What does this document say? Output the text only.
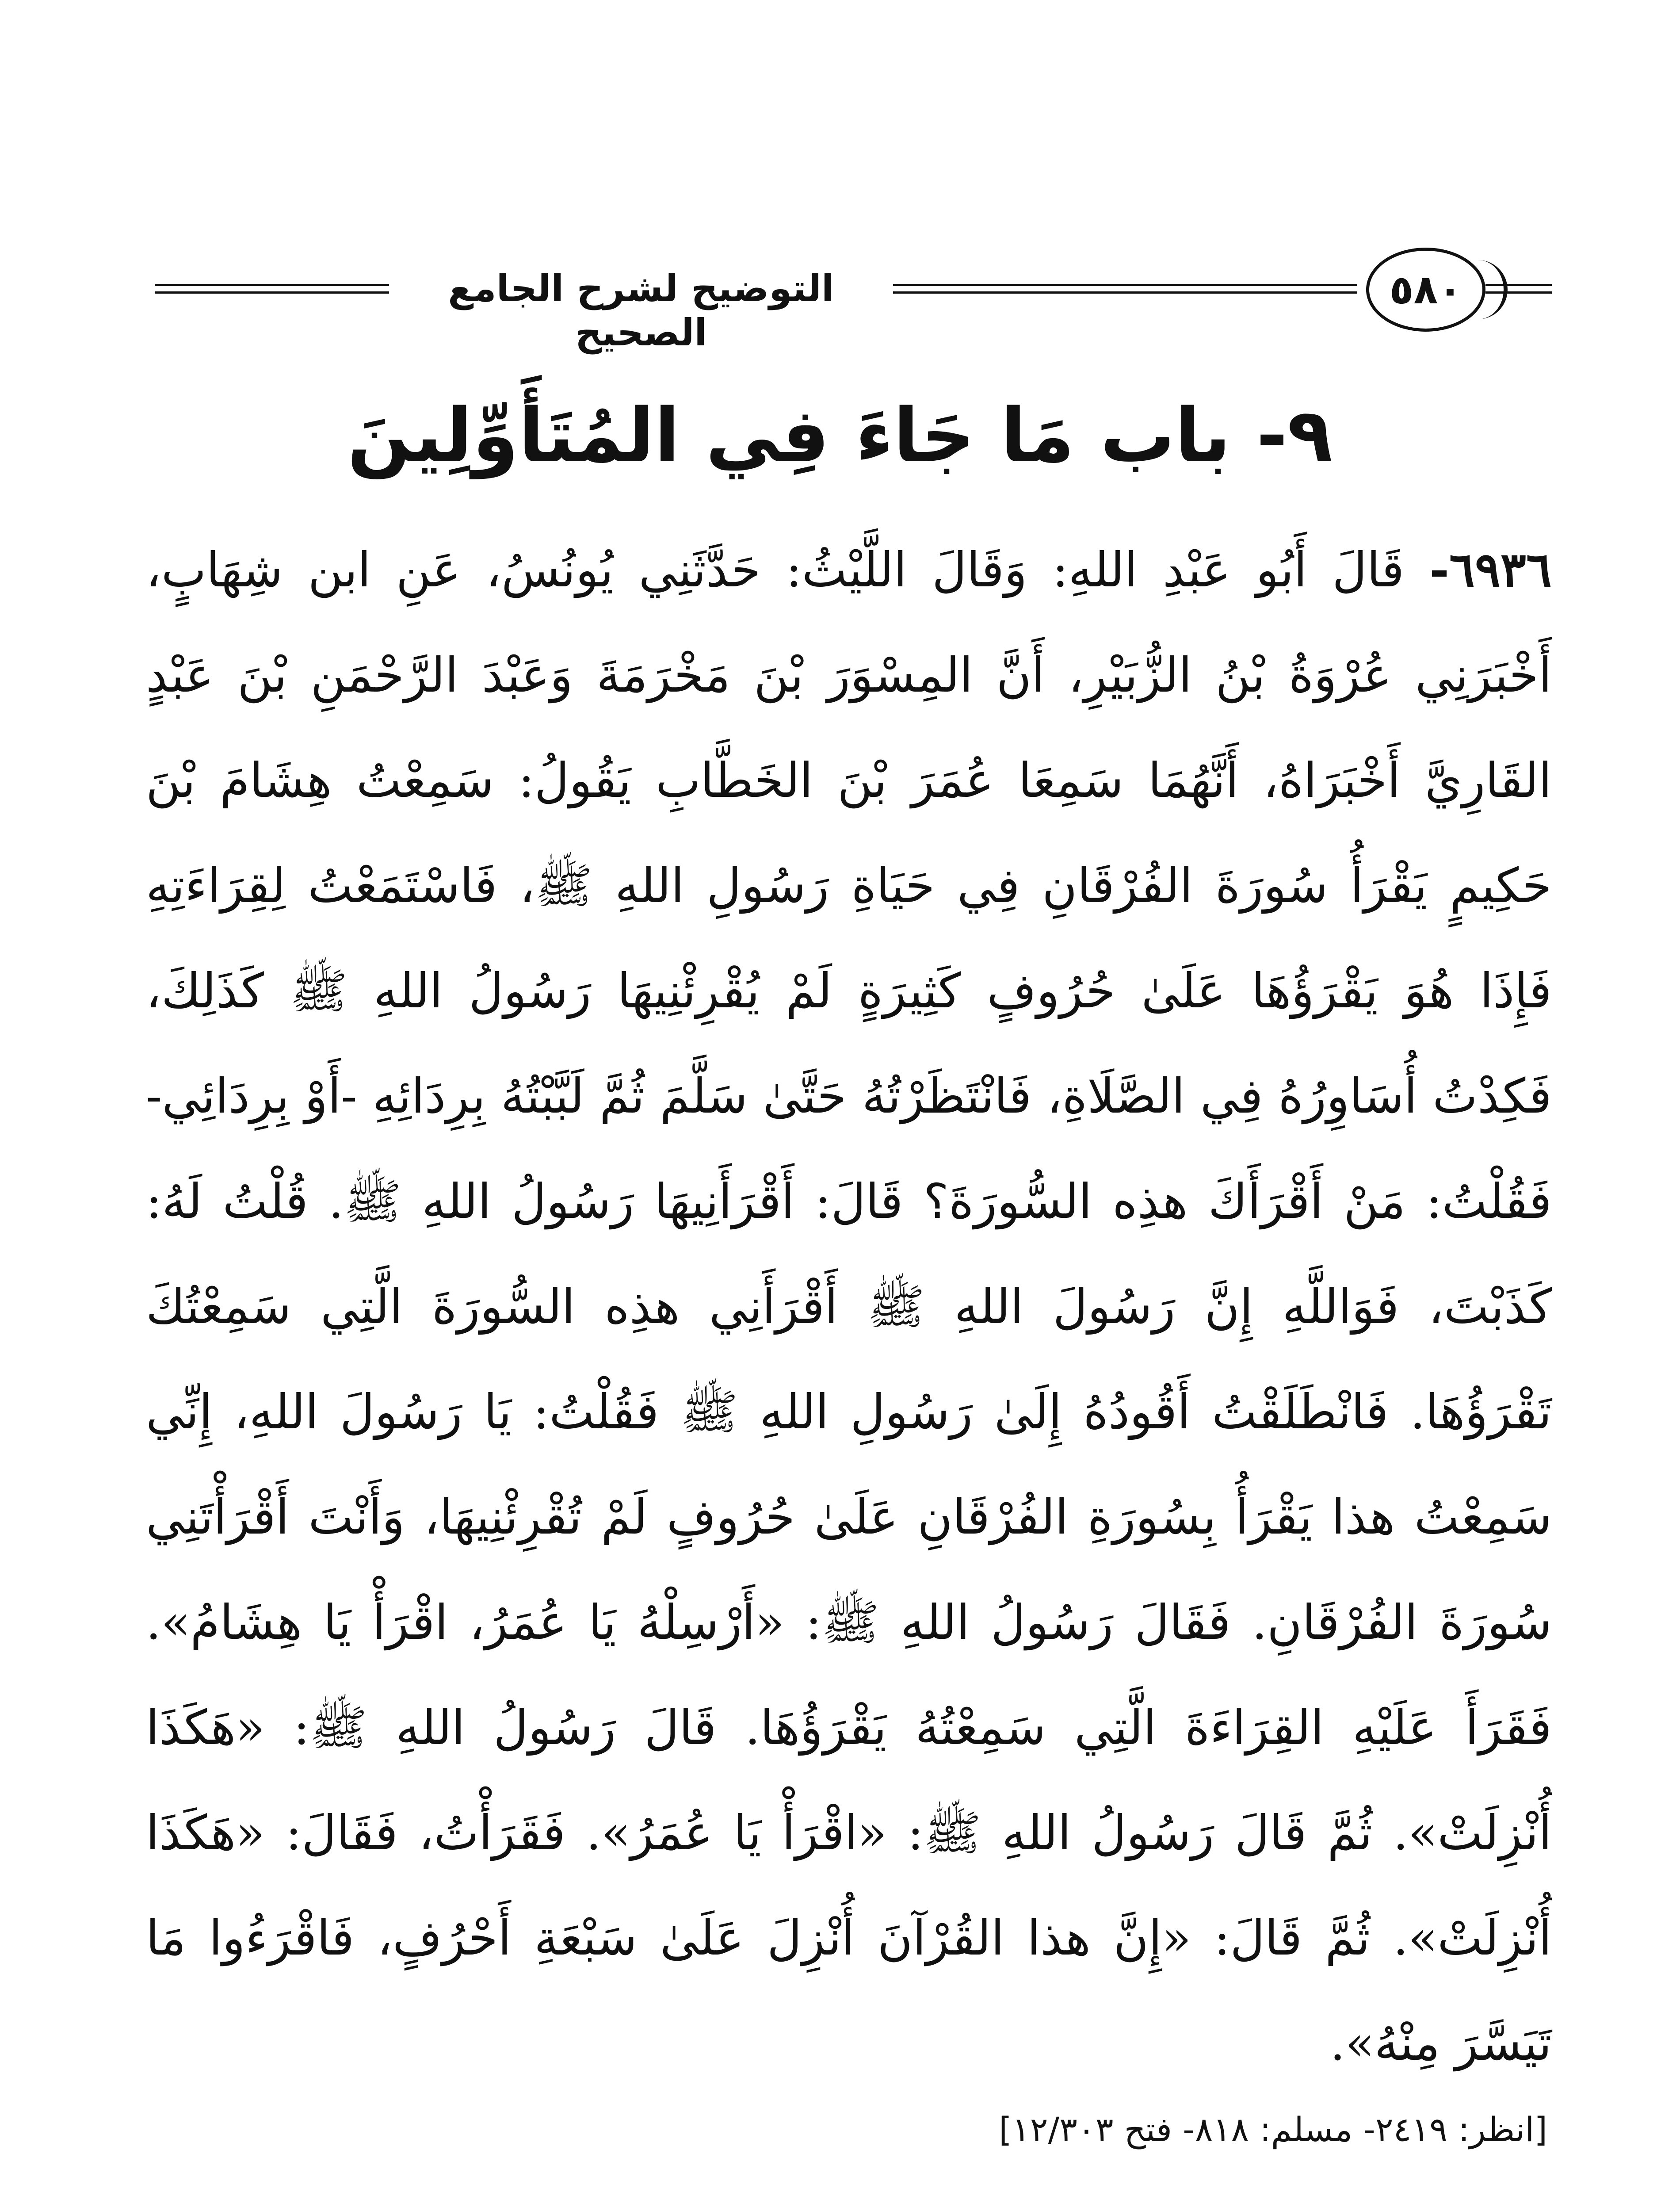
التوضيح لشرح الجامع الصحيح
٥٨٠
٩- باب مَا جَاءَ فِي المُتَأَوِّلِينَ

٦٩٣٦- قَالَ أَبُو عَبْدِ اللهِ: وَقَالَ اللَّيْثُ: حَدَّثَنِي يُونُسُ، عَنِ ابن شِهَابٍ، أَخْبَرَنِي عُرْوَةُ بْنُ الزُّبَيْرِ، أَنَّ المِسْوَرَ بْنَ مَخْرَمَةَ وَعَبْدَ الرَّحْمَنِ بْنَ عَبْدٍ القَارِيَّ أَخْبَرَاهُ، أَنَّهُمَا سَمِعَا عُمَرَ بْنَ الخَطَّابِ يَقُولُ: سَمِعْتُ هِشَامَ بْنَ حَكِيمٍ يَقْرَأُ سُورَةَ الفُرْقَانِ فِي حَيَاةِ رَسُولِ اللهِ ﷺ، فَاسْتَمَعْتُ لِقِرَاءَتِهِ فَإِذَا هُوَ يَقْرَؤُهَا عَلَىٰ حُرُوفٍ كَثِيرَةٍ لَمْ يُقْرِئْنِيهَا رَسُولُ اللهِ ﷺ كَذَلِكَ، فَكِدْتُ أُسَاوِرُهُ فِي الصَّلَاةِ، فَانْتَظَرْتُهُ حَتَّىٰ سَلَّمَ ثُمَّ لَبَّبْتُهُ بِرِدَائِهِ -أَوْ بِرِدَائِي- فَقُلْتُ: مَنْ أَقْرَأَكَ هذِه السُّورَةَ؟ قَالَ: أَقْرَأَنِيهَا رَسُولُ اللهِ ﷺ. قُلْتُ لَهُ: كَذَبْتَ، فَوَاللَّهِ إِنَّ رَسُولَ اللهِ ﷺ أَقْرَأَنِي هذِه السُّورَةَ الَّتِي سَمِعْتُكَ تَقْرَؤُهَا. فَانْطَلَقْتُ أَقُودُهُ إِلَىٰ رَسُولِ اللهِ ﷺ فَقُلْتُ: يَا رَسُولَ اللهِ، إِنِّي سَمِعْتُ هذا يَقْرَأُ بِسُورَةِ الفُرْقَانِ عَلَىٰ حُرُوفٍ لَمْ تُقْرِئْنِيهَا، وَأَنْتَ أَقْرَأْتَنِي سُورَةَ الفُرْقَانِ. فَقَالَ رَسُولُ اللهِ ﷺ: «أَرْسِلْهُ يَا عُمَرُ، اقْرَأْ يَا هِشَامُ». فَقَرَأَ عَلَيْهِ القِرَاءَةَ الَّتِي سَمِعْتُهُ يَقْرَؤُهَا. قَالَ رَسُولُ اللهِ ﷺ: «هَكَذَا أُنْزِلَتْ». ثُمَّ قَالَ رَسُولُ اللهِ ﷺ: «اقْرَأْ يَا عُمَرُ». فَقَرَأْتُ، فَقَالَ: «هَكَذَا أُنْزِلَتْ». ثُمَّ قَالَ: «إِنَّ هذا القُرْآنَ أُنْزِلَ عَلَىٰ سَبْعَةِ أَحْرُفٍ، فَاقْرَءُوا مَا تَيَسَّرَ مِنْهُ».

[انظر: ٢٤١٩- مسلم: ٨١٨- فتح ١٢/٣٠٣]
